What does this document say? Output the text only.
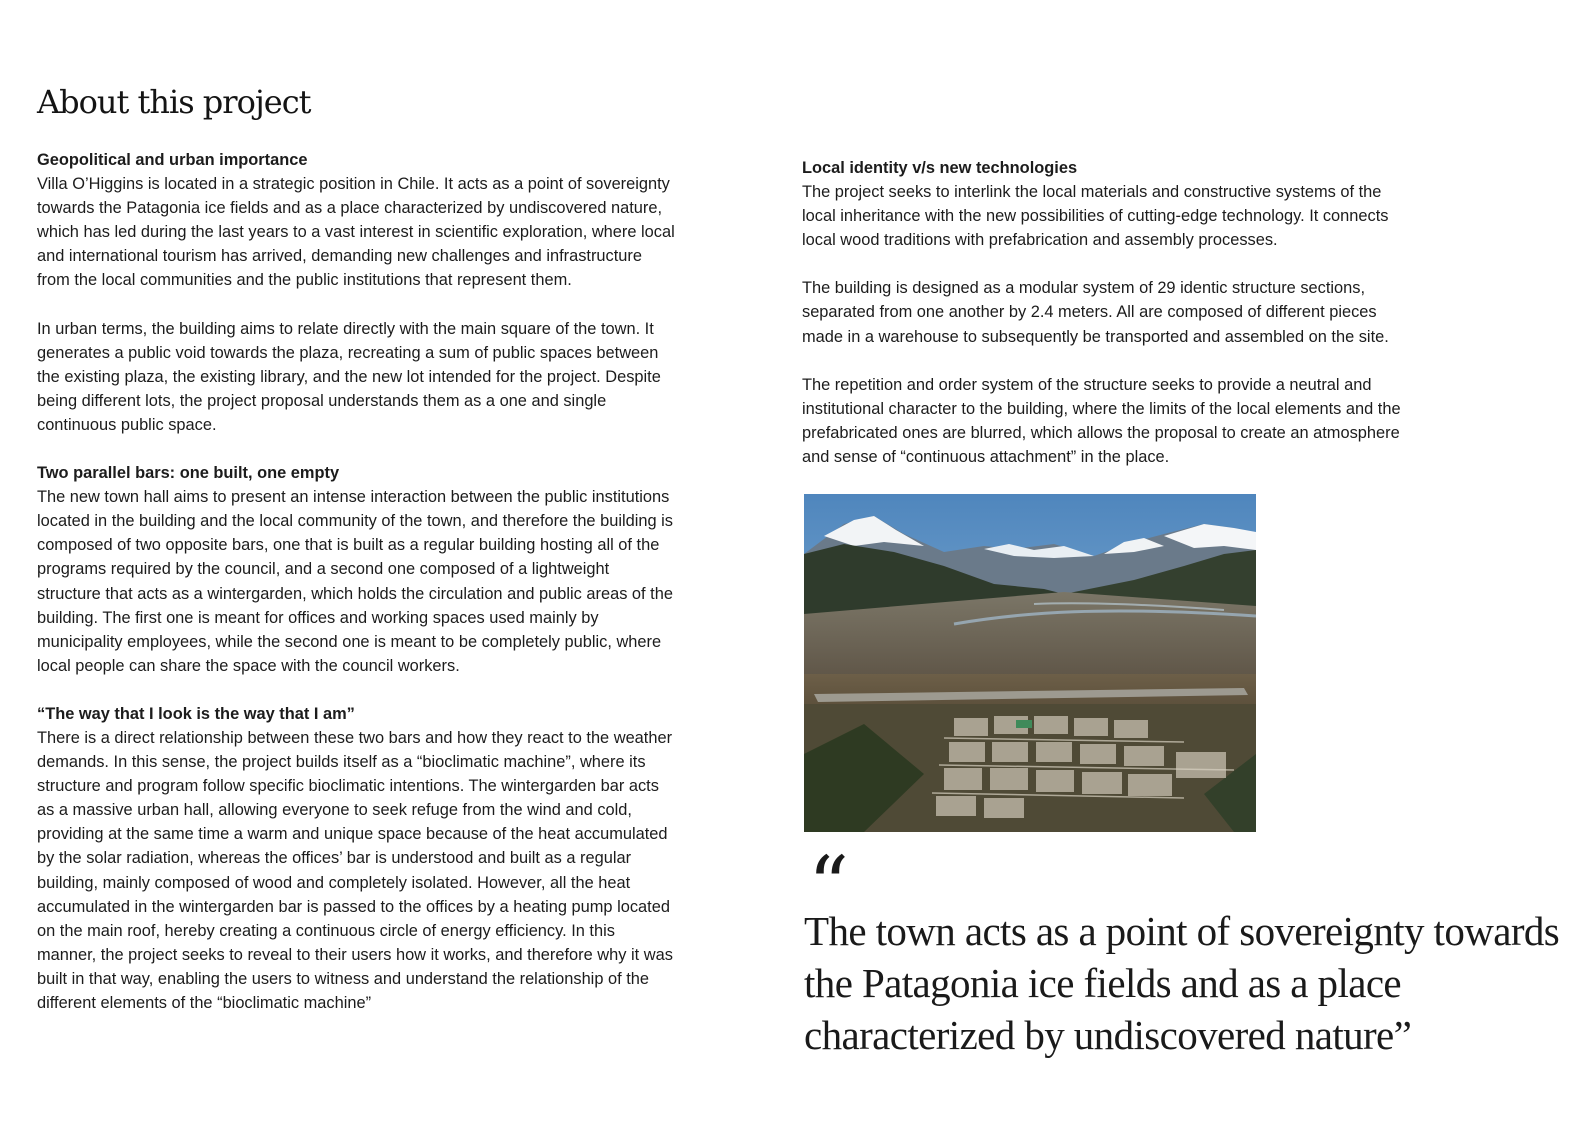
About this project

Geopolitical and urban importance

Villa O’Higgins is located in a strategic position in Chile. It acts as a point of sovereignty towards the Patagonia ice fields and as a place characterized by undiscovered nature, which has led during the last years to a vast interest in scientific exploration, where local and international tourism has arrived, demanding new challenges and infrastructure from the local communities and the public institutions that represent them.

In urban terms, the building aims to relate directly with the main square of the town. It generates a public void towards the plaza, recreating a sum of public spaces between the existing plaza, the existing library, and the new lot intended for the project. Despite being different lots, the project proposal understands them as a one and single continuous public space.

Two parallel bars: one built, one empty

The new town hall aims to present an intense interaction between the public institutions located in the building and the local community of the town, and therefore the building is composed of two opposite bars, one that is built as a regular building hosting all of the programs required by the council, and a second one composed of a lightweight structure that acts as a wintergarden, which holds the circulation and public areas of the building. The first one is meant for offices and working spaces used mainly by municipality employees, while the second one is meant to be completely public, where local people can share the space with the council workers.

“The way that I look is the way that I am”

There is a direct relationship between these two bars and how they react to the weather demands. In this sense, the project builds itself as a “bioclimatic machine”, where its structure and program follow specific bioclimatic intentions. The wintergarden bar acts as a massive urban hall, allowing everyone to seek refuge from the wind and cold, providing at the same time a warm and unique space because of the heat accumulated by the solar radiation, whereas the offices’ bar is understood and built as a regular building, mainly composed of wood and completely isolated. However, all the heat accumulated in the wintergarden bar is passed to the offices by a heating pump located on the main roof, hereby creating a continuous circle of energy efficiency. In this manner, the project seeks to reveal to their users how it works, and therefore why it was built in that way, enabling the users to witness and understand the relationship of the different elements of the “bioclimatic machine”

Local identity v/s new technologies

The project seeks to interlink the local materials and constructive systems of the local inheritance with the new possibilities of cutting-edge technology. It connects local wood traditions with prefabrication and assembly processes.

The building is designed as a modular system of 29 identic structure sections, separated from one another by 2.4 meters. All are composed of different pieces made in a warehouse to subsequently be transported and assembled on the site.

The repetition and order system of the structure seeks to provide a neutral and institutional character to the building, where the limits of the local elements and the prefabricated ones are blurred, which allows the proposal to create an atmosphere and sense of “continuous attachment” in the place.

“

The town acts as a point of sovereignty towards the Patagonia ice fields and as a place characterized by undiscovered nature”
